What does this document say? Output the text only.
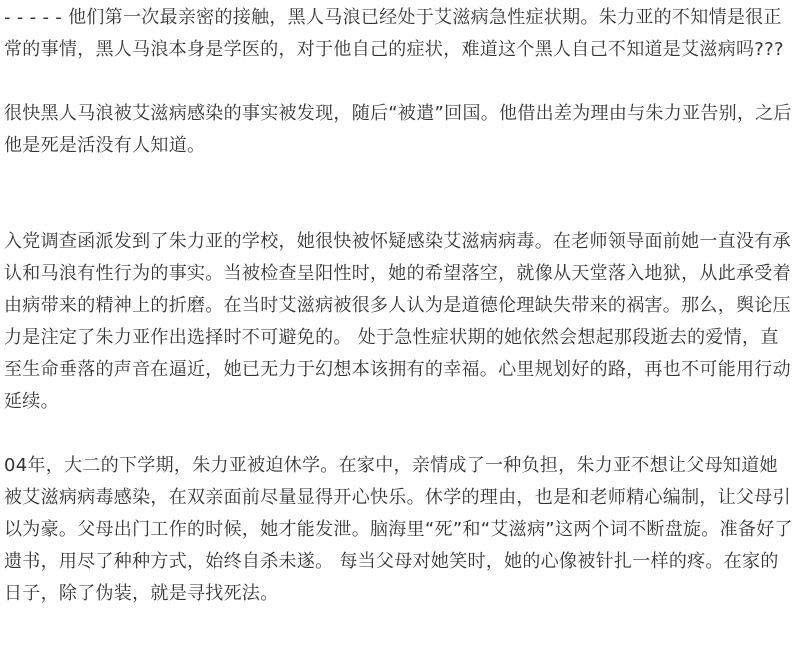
- - - - - 他们第一次最亲密的接触，黑人马浪已经处于艾滋病急性症状期。朱力亚的不知情是很正常的事情，黑人马浪本身是学医的，对于他自己的症状，难道这个黑人自己不知道是艾滋病吗???

很快黑人马浪被艾滋病感染的事实被发现，随后“被遣”回国。他借出差为理由与朱力亚告别，之后他是死是活没有人知道。

入党调查函派发到了朱力亚的学校，她很快被怀疑感染艾滋病病毒。在老师领导面前她一直没有承认和马浪有性行为的事实。当被检查呈阳性时，她的希望落空，就像从天堂落入地狱，从此承受着由病带来的精神上的折磨。在当时艾滋病被很多人认为是道德伦理缺失带来的祸害。那么，舆论压力是注定了朱力亚作出选择时不可避免的。 处于急性症状期的她依然会想起那段逝去的爱情，直至生命垂落的声音在逼近，她已无力于幻想本该拥有的幸福。心里规划好的路，再也不可能用行动延续。

04年，大二的下学期，朱力亚被迫休学。在家中，亲情成了一种负担，朱力亚不想让父母知道她被艾滋病病毒感染，在双亲面前尽量显得开心快乐。休学的理由，也是和老师精心编制，让父母引以为豪。父母出门工作的时候，她才能发泄。脑海里“死”和“艾滋病”这两个词不断盘旋。准备好了遗书，用尽了种种方式，始终自杀未遂。 每当父母对她笑时，她的心像被针扎一样的疼。在家的日子，除了伪装，就是寻找死法。
